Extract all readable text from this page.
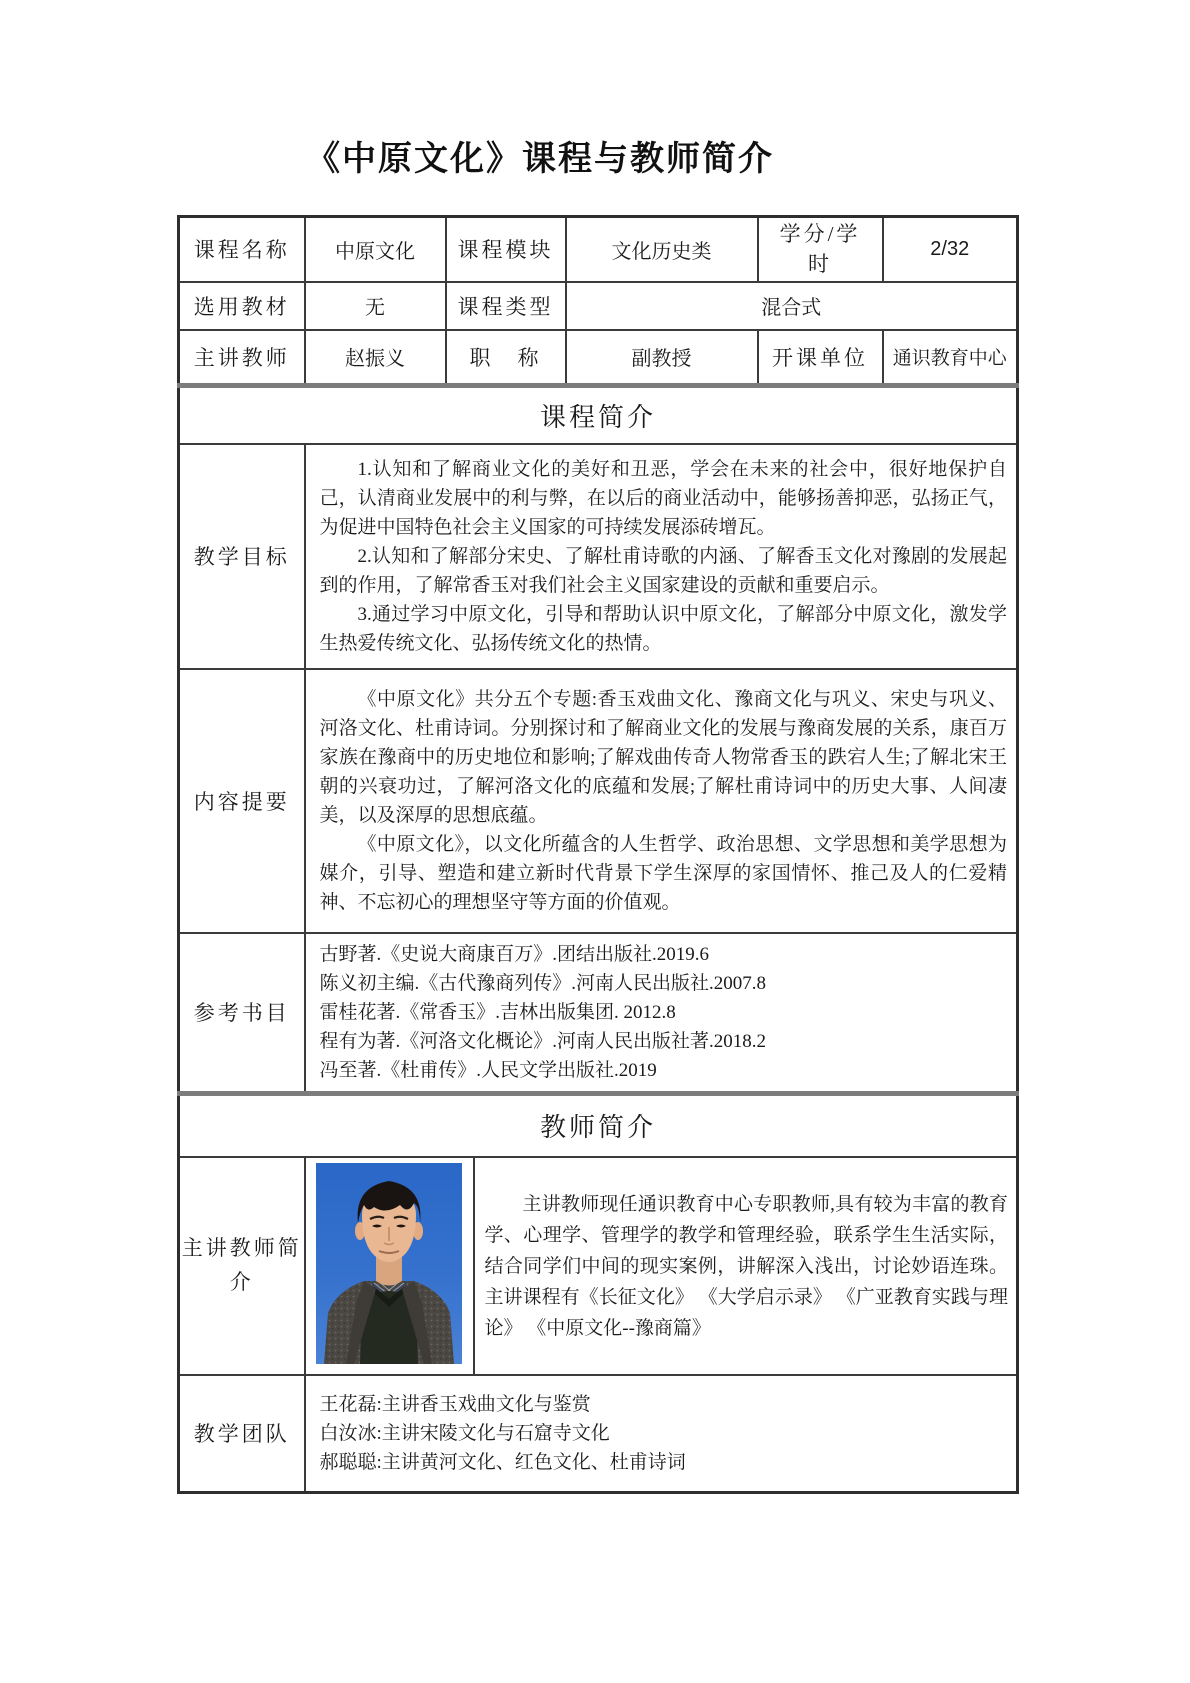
《中原文化》课程与教师简介
课程名称	中原文化	课程模块		文化历史类	学分/学时	2/32
选用教材	无	课程类型		混合式		
主讲教师	赵振义	职　称		副教授	开课单位	通识教育中心
课程简介						
教学目标	1.认知和了解商业文化的美好和丑恶，学会在未来的社会中，很好地保护自己，认清商业发展中的利与弊，在以后的商业活动中，能够扬善抑恶，弘扬正气，为促进中国特色社会主义国家的可持续发展添砖增瓦。

2.认知和了解部分宋史、了解杜甫诗歌的内涵、了解香玉文化对豫剧的发展起到的作用，了解常香玉对我们社会主义国家建设的贡献和重要启示。

3.通过学习中原文化，引导和帮助认识中原文化，了解部分中原文化，激发学生热爱传统文化、弘扬传统文化的热情。					

内容提要	《中原文化》共分五个专题:香玉戏曲文化、豫商文化与巩义、宋史与巩义、河洛文化、杜甫诗词。分别探讨和了解商业文化的发展与豫商发展的关系，康百万家族在豫商中的历史地位和影响;了解戏曲传奇人物常香玉的跌宕人生;了解北宋王朝的兴衰功过，了解河洛文化的底蕴和发展;了解杜甫诗词中的历史大事、人间凄美，以及深厚的思想底蕴。

《中原文化》，以文化所蕴含的人生哲学、政治思想、文学思想和美学思想为媒介，引导、塑造和建立新时代背景下学生深厚的家国情怀、推己及人的仁爱精神、不忘初心的理想坚守等方面的价值观。					

参考书目	古野著.《史说大商康百万》.团结出版社.2019.6
陈义初主编.《古代豫商列传》.河南人民出版社.2007.8
雷桂花著.《常香玉》.吉林出版集团. 2012.8
程有为著.《河洛文化概论》.河南人民出版社著.2018.2
冯至著.《杜甫传》.人民文学出版社.2019					

教师简介						
主讲教师简介			主讲教师现任通识教育中心专职教师,具有较为丰富的教育学、心理学、管理学的教学和管理经验，联系学生生活实际，结合同学们中间的现实案例，讲解深入浅出，讨论妙语连珠。主讲课程有《长征文化》 《大学启示录》 《广亚教育实践与理论》 《中原文化--豫商篇》			

教学团队	王花磊:主讲香玉戏曲文化与鉴赏
白汝冰:主讲宋陵文化与石窟寺文化
郝聪聪:主讲黄河文化、红色文化、杜甫诗词					
